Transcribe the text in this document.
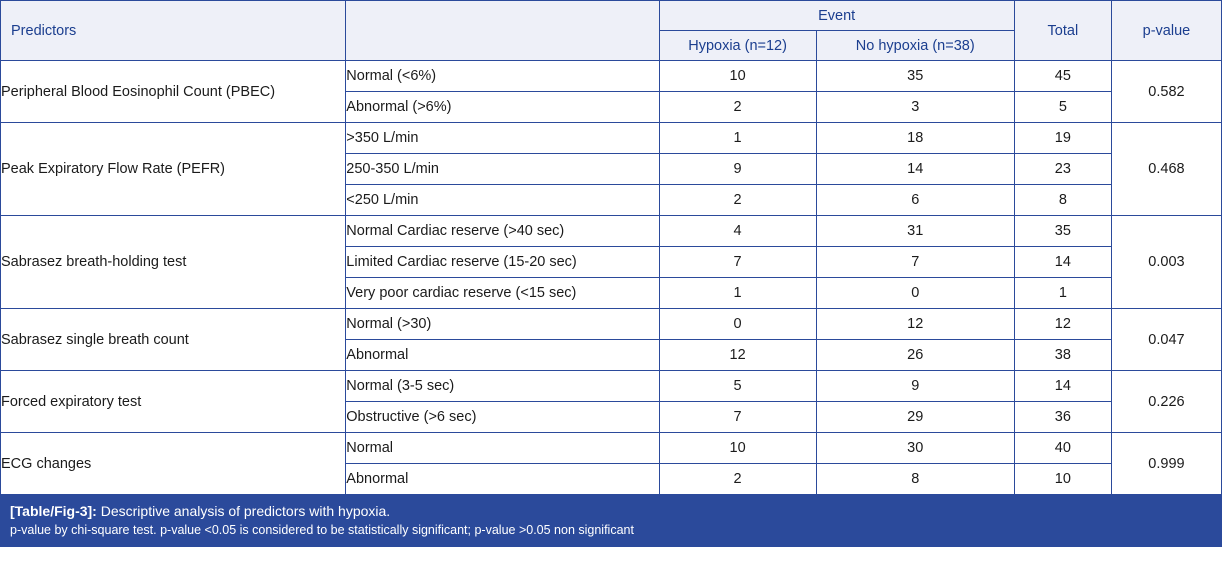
Predictors		Event		Total	p-value
		Hypoxia (n=12)	No hypoxia (n=38)		
Peripheral Blood Eosinophil Count (PBEC)	Normal (<6%)	10	35	45	0.582
	Abnormal (>6%)	2	3	5	
Peak Expiratory Flow Rate (PEFR)	>350 L/min	1	18	19	0.468
	250-350 L/min	9	14	23	
	<250 L/min	2	6	8	
Sabrasez breath-holding test	Normal Cardiac reserve (>40 sec)	4	31	35	0.003
	Limited Cardiac reserve (15-20 sec)	7	7	14	
	Very poor cardiac reserve (<15 sec)	1	0	1	
Sabrasez single breath count	Normal (>30)	0	12	12	0.047
	Abnormal	12	26	38	
Forced expiratory test	Normal (3-5 sec)	5	9	14	0.226
	Obstructive (>6 sec)	7	29	36	
ECG changes	Normal	10	30	40	0.999
	Abnormal	2	8	10	
[Table/Fig-3]: Descriptive analysis of predictors with hypoxia.
p-value by chi-square test. p-value <0.05 is considered to be statistically significant; p-value >0.05 non significant
